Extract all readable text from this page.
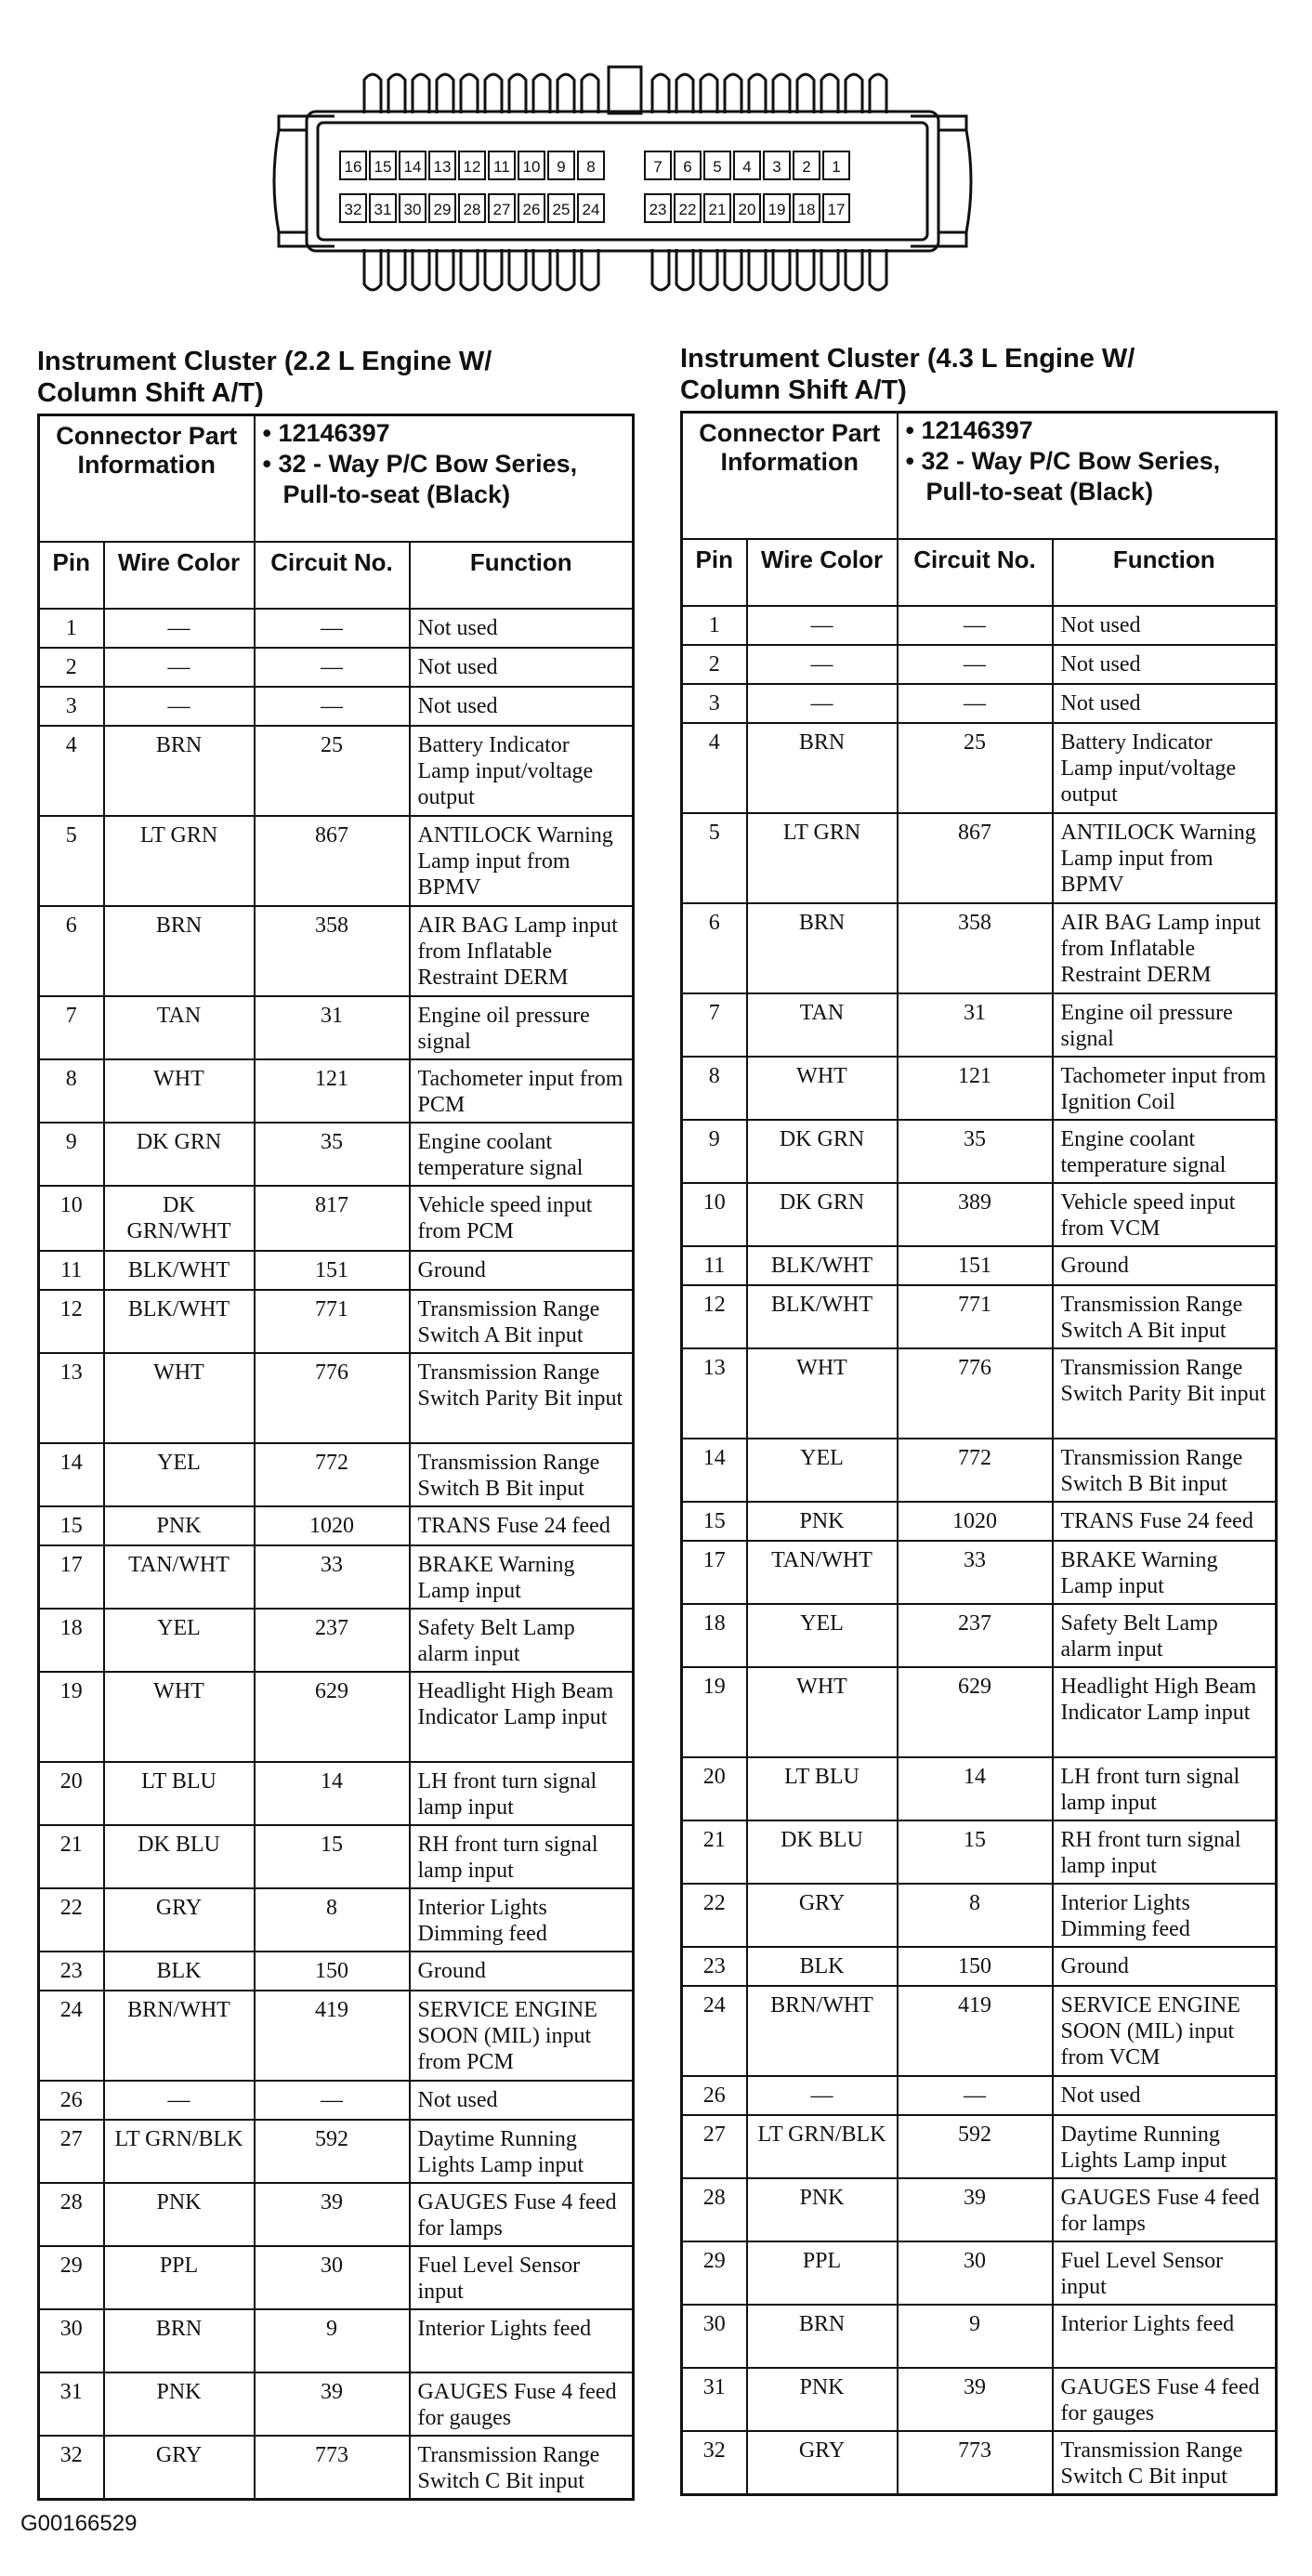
16 15 14 13 12 11 10 9 8
32 31 30 29 28 27 26 25 24
7 6 5 4 3 2 1
23 22 21 20 19 18 17
Instrument Cluster (2.2 L Engine W/
Column Shift A/T)
Connector Part Information		• 12146397
• 32 - Way P/C Bow Series, Pull-to-seat (Black)	

Pin	Wire Color	Circuit No.	Function
1	—	—	Not used
2	—	—	Not used
3	—	—	Not used
4	BRN	25	Battery Indicator Lamp input/voltage output
5	LT GRN	867	ANTILOCK Warning Lamp input from BPMV
6	BRN	358	AIR BAG Lamp input from Inflatable Restraint DERM
7	TAN	31	Engine oil pressure signal
8	WHT	121	Tachometer input from PCM
9	DK GRN	35	Engine coolant temperature signal
10	DK GRN/WHT	817	Vehicle speed input from PCM
11	BLK/WHT	151	Ground
12	BLK/WHT	771	Transmission Range Switch A Bit input
13	WHT	776	Transmission Range Switch Parity Bit input
14	YEL	772	Transmission Range Switch B Bit input
15	PNK	1020	TRANS Fuse 24 feed
17	TAN/WHT	33	BRAKE Warning Lamp input
18	YEL	237	Safety Belt Lamp alarm input
19	WHT	629	Headlight High Beam Indicator Lamp input
20	LT BLU	14	LH front turn signal lamp input
21	DK BLU	15	RH front turn signal lamp input
22	GRY	8	Interior Lights Dimming feed
23	BLK	150	Ground
24	BRN/WHT	419	SERVICE ENGINE SOON (MIL) input from PCM
26	—	—	Not used
27	LT GRN/BLK	592	Daytime Running Lights Lamp input
28	PNK	39	GAUGES Fuse 4 feed for lamps
29	PPL	30	Fuel Level Sensor input
30	BRN	9	Interior Lights feed
31	PNK	39	GAUGES Fuse 4 feed for gauges
32	GRY	773	Transmission Range Switch C Bit input
Instrument Cluster (4.3 L Engine W/
Column Shift A/T)
Connector Part Information		• 12146397
• 32 - Way P/C Bow Series, Pull-to-seat (Black)	

Pin	Wire Color	Circuit No.	Function
1	—	—	Not used
2	—	—	Not used
3	—	—	Not used
4	BRN	25	Battery Indicator Lamp input/voltage output
5	LT GRN	867	ANTILOCK Warning Lamp input from BPMV
6	BRN	358	AIR BAG Lamp input from Inflatable Restraint DERM
7	TAN	31	Engine oil pressure signal
8	WHT	121	Tachometer input from Ignition Coil
9	DK GRN	35	Engine coolant temperature signal
10	DK GRN	389	Vehicle speed input from VCM
11	BLK/WHT	151	Ground
12	BLK/WHT	771	Transmission Range Switch A Bit input
13	WHT	776	Transmission Range Switch Parity Bit input
14	YEL	772	Transmission Range Switch B Bit input
15	PNK	1020	TRANS Fuse 24 feed
17	TAN/WHT	33	BRAKE Warning Lamp input
18	YEL	237	Safety Belt Lamp alarm input
19	WHT	629	Headlight High Beam Indicator Lamp input
20	LT BLU	14	LH front turn signal lamp input
21	DK BLU	15	RH front turn signal lamp input
22	GRY	8	Interior Lights Dimming feed
23	BLK	150	Ground
24	BRN/WHT	419	SERVICE ENGINE SOON (MIL) input from VCM
26	—	—	Not used
27	LT GRN/BLK	592	Daytime Running Lights Lamp input
28	PNK	39	GAUGES Fuse 4 feed for lamps
29	PPL	30	Fuel Level Sensor input
30	BRN	9	Interior Lights feed
31	PNK	39	GAUGES Fuse 4 feed for gauges
32	GRY	773	Transmission Range Switch C Bit input
G00166529
